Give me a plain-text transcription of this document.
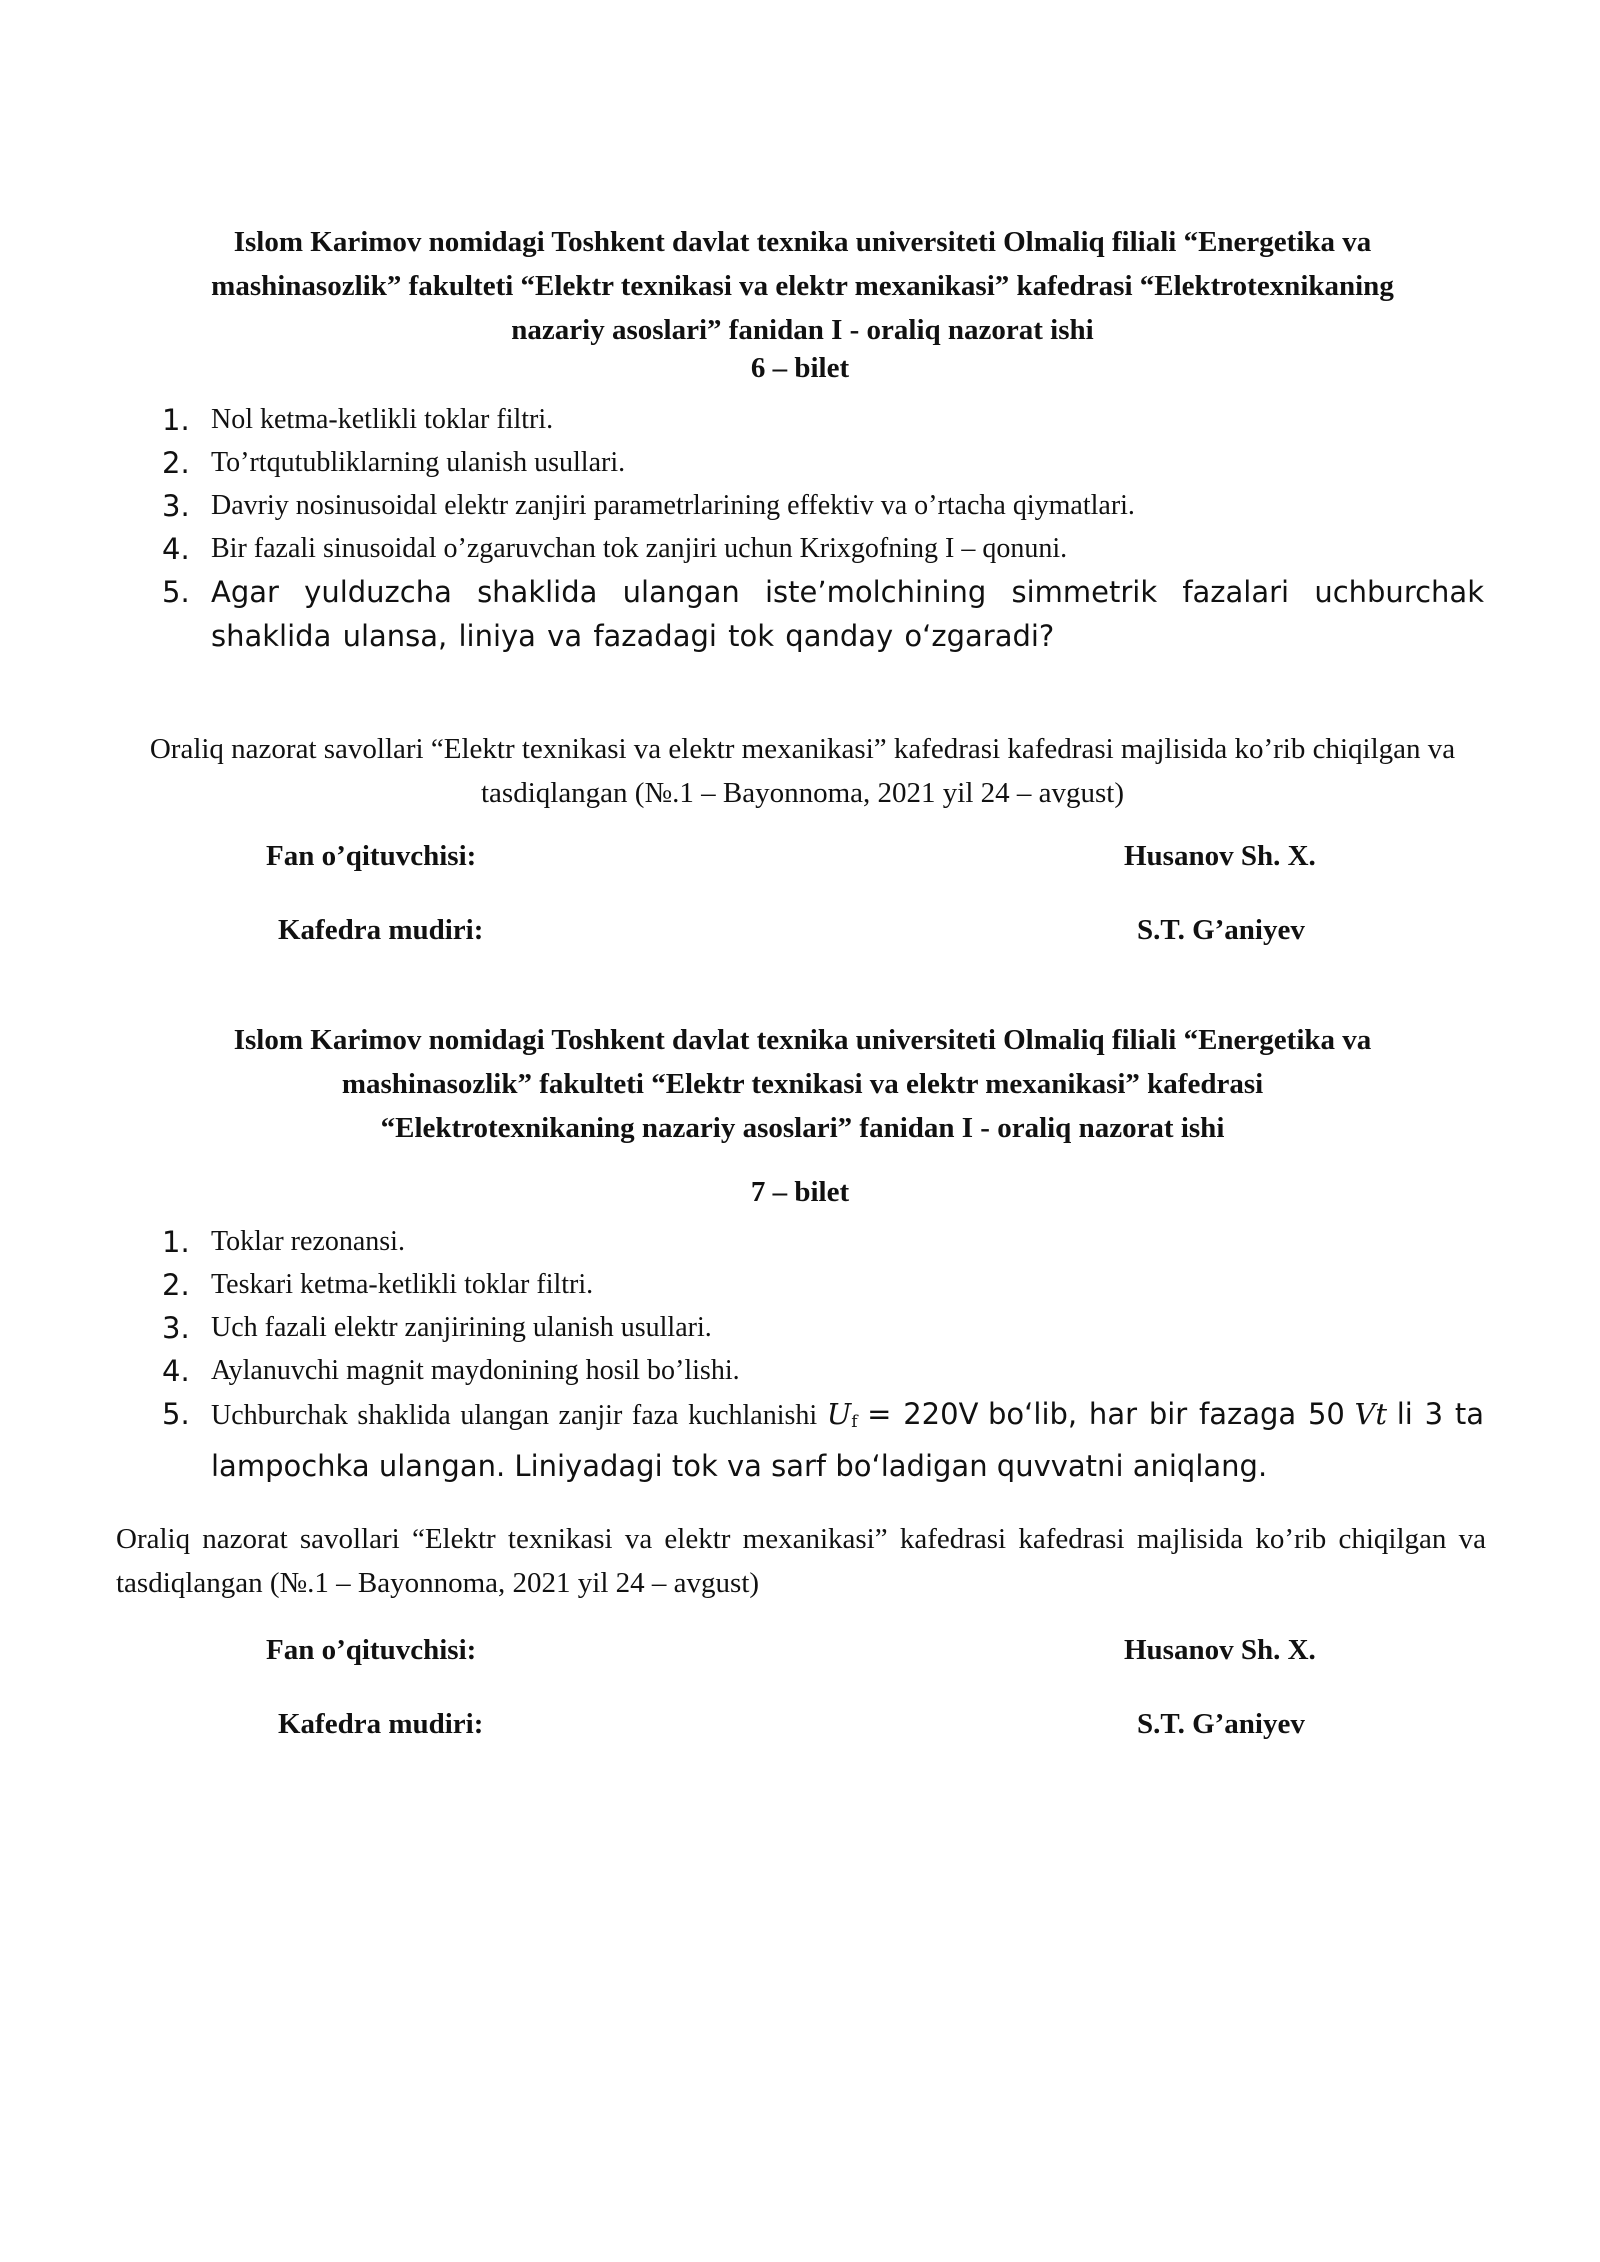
Islom Karimov nomidagi Toshkent davlat texnika universiteti Olmaliq filiali “Energetika va

mashinasozlik” fakulteti “Elektr texnikasi va elektr mexanikasi” kafedrasi “Elektrotexnikaning

nazariy asoslari” fanidan I - oraliq nazorat ishi

6 – bilet
1. Nol ketma-ketlikli toklar filtri.
2. To’rtqutubliklarning ulanish usullari.
3. Davriy nosinusoidal elektr zanjiri parametrlarining effektiv va o’rtacha qiymatlari.
4. Bir fazali sinusoidal o’zgaruvchan tok zanjiri uchun Krixgofning I – qonuni.
5. Agar yulduzcha shaklida ulangan iste’molchining simmetrik fazalari uchburchak shaklida ulansa, liniya va fazadagi tok qanday o‘zgaradi?
Oraliq nazorat savollari “Elektr texnikasi va elektr mexanikasi” kafedrasi kafedrasi majlisida ko’rib chiqilgan va tasdiqlangan (№.1 – Bayonnoma, 2021 yil 24 – avgust)
Fan o’qituvchisi:	Husanov Sh. X.
Kafedra mudiri:	S.T. G’aniyev

Islom Karimov nomidagi Toshkent davlat texnika universiteti Olmaliq filiali “Energetika va

mashinasozlik” fakulteti “Elektr texnikasi va elektr mexanikasi” kafedrasi

“Elektrotexnikaning nazariy asoslari” fanidan I - oraliq nazorat ishi

7 – bilet
1. Toklar rezonansi.
2. Teskari ketma-ketlikli toklar filtri.
3. Uch fazali elektr zanjirining ulanish usullari.
4. Aylanuvchi magnit maydonining hosil bo’lishi.
5. Uchburchak shaklida ulangan zanjir faza kuchlanishi $U_f = 220V$ bo‘lib, har bir fazaga 50 Vt li 3 ta lampochka ulangan. Liniyadagi tok va sarf bo‘ladigan quvvatni aniqlang.
Oraliq nazorat savollari “Elektr texnikasi va elektr mexanikasi” kafedrasi kafedrasi majlisida ko’rib chiqilgan va tasdiqlangan (№.1 – Bayonnoma, 2021 yil 24 – avgust)
Fan o’qituvchisi:	Husanov Sh. X.
Kafedra mudiri:	S.T. G’aniyev
